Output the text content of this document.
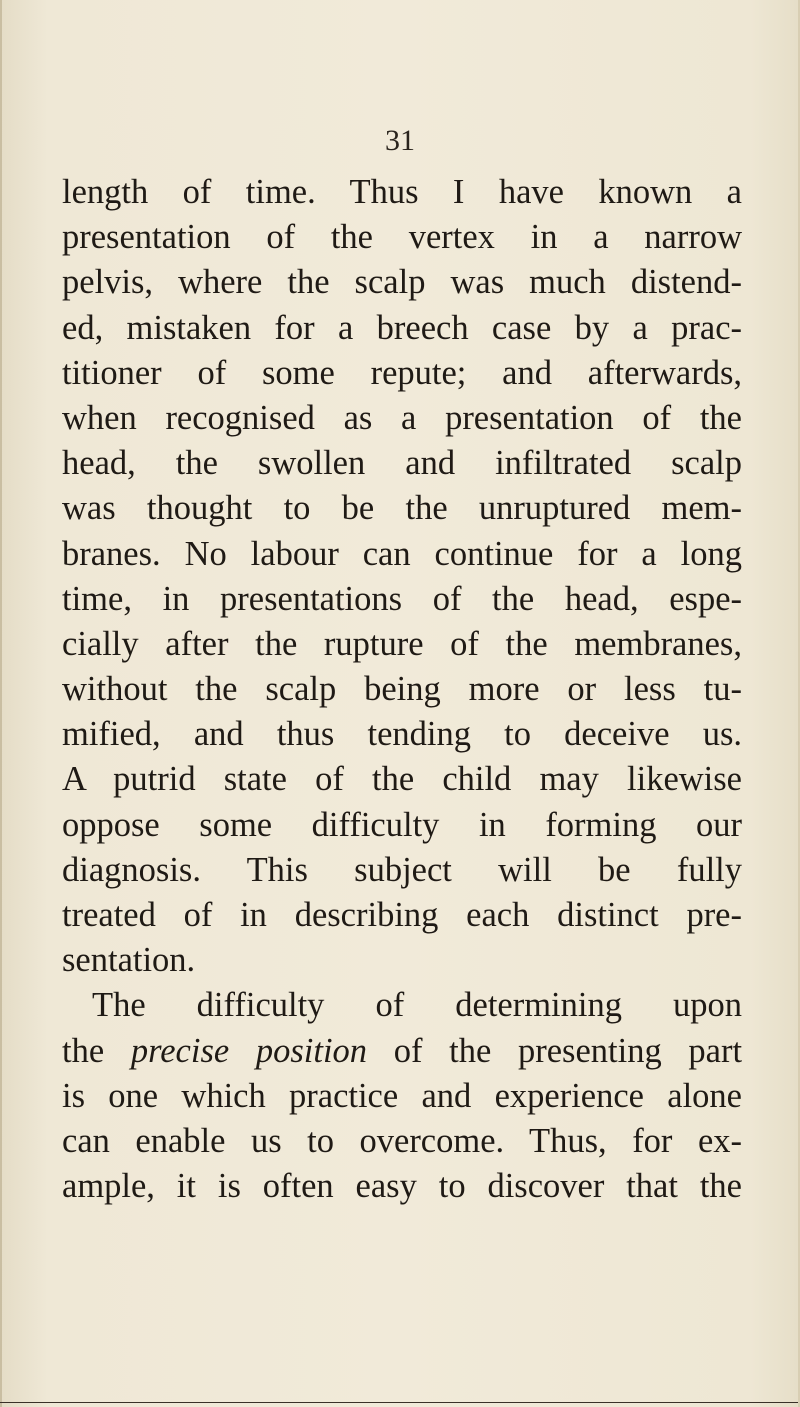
31

length of time. Thus I have known a
presentation of the vertex in a narrow
pelvis, where the scalp was much distend-
ed, mistaken for a breech case by a prac-
titioner of some repute; and afterwards,
when recognised as a presentation of the
head, the swollen and infiltrated scalp
was thought to be the unruptured mem-
branes. No labour can continue for a long
time, in presentations of the head, espe-
cially after the rupture of the membranes,
without the scalp being more or less tu-
mified, and thus tending to deceive us.
A putrid state of the child may likewise
oppose some difficulty in forming our
diagnosis. This subject will be fully
treated of in describing each distinct pre-
sentation.
The difficulty of determining upon
the precise position of the presenting part
is one which practice and experience alone
can enable us to overcome. Thus, for ex-
ample, it is often easy to discover that the
